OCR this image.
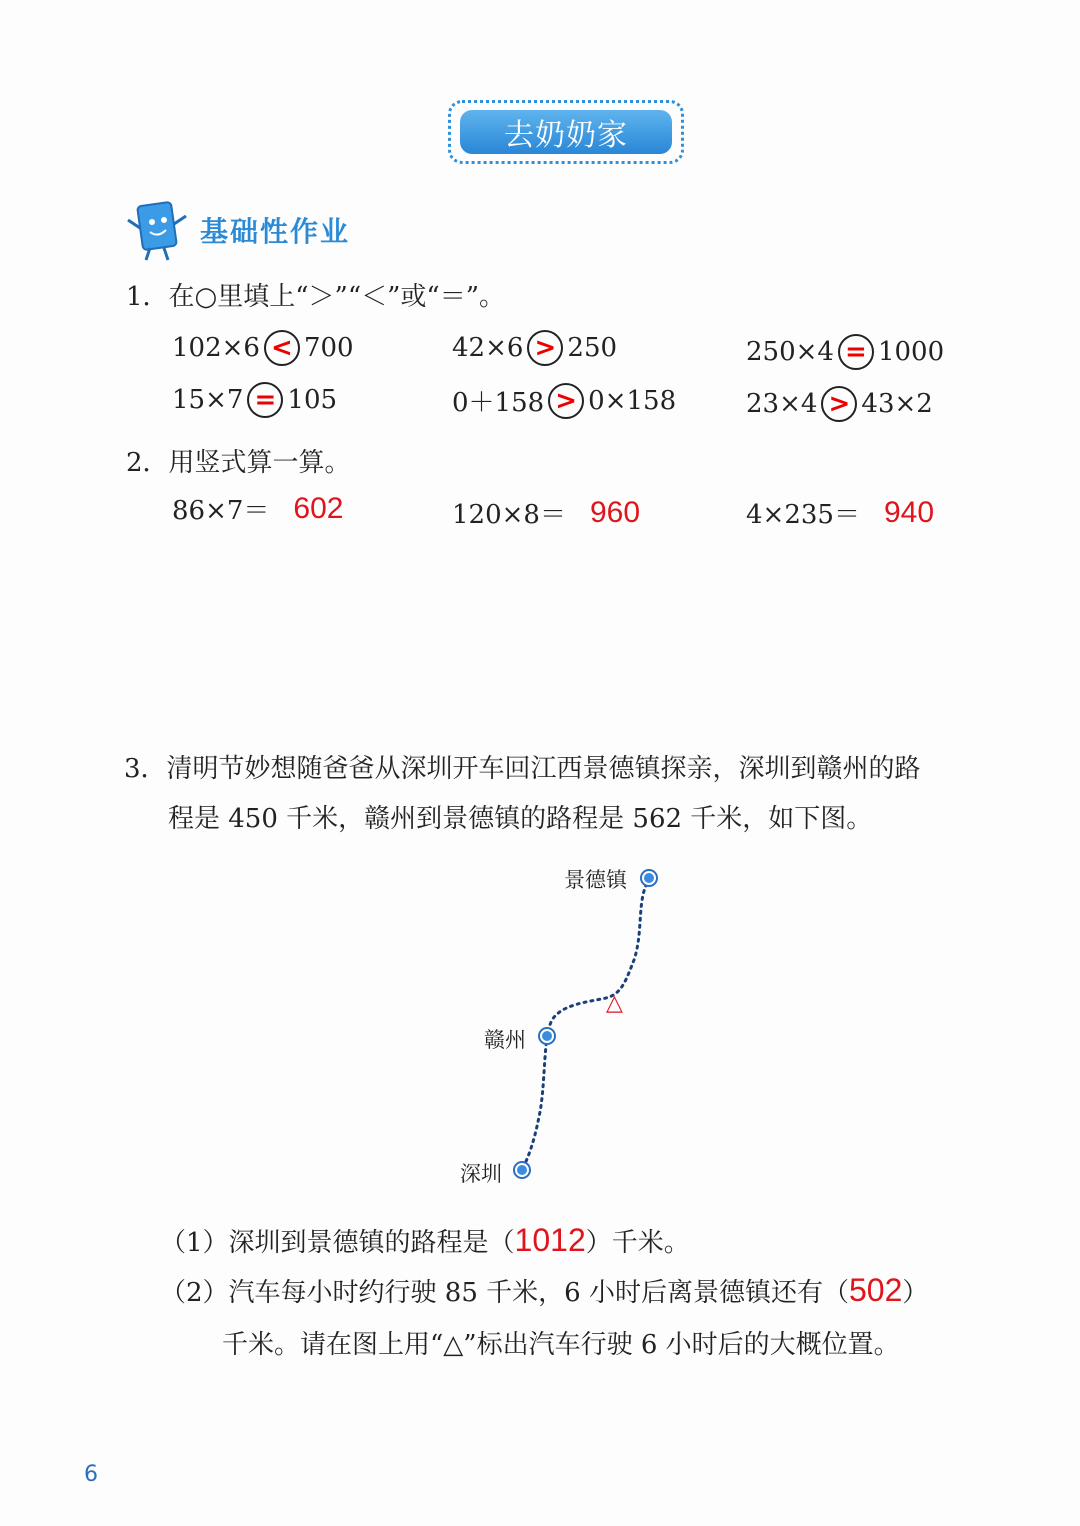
去奶奶家
基础性作业
1．在○里填上“＞”“＜”或“＝”。
102×6 < 700	42×6 > 250	250×4 = 1000
15×7 = 105	0＋158 > 0×158	23×4 > 43×2
2．用竖式算一算。
86×7＝ 602	120×8＝ 960	4×235＝ 940
3．清明节妙想随爸爸从深圳开车回江西景德镇探亲，深圳到赣州的路
程是 450 千米，赣州到景德镇的路程是 562 千米，如下图。
△
景德镇
赣州
深圳
（1）深圳到景德镇的路程是（1012）千米。
（2）汽车每小时约行驶 85 千米，6 小时后离景德镇还有（502）
千米。请在图上用“△”标出汽车行驶 6 小时后的大概位置。
6
